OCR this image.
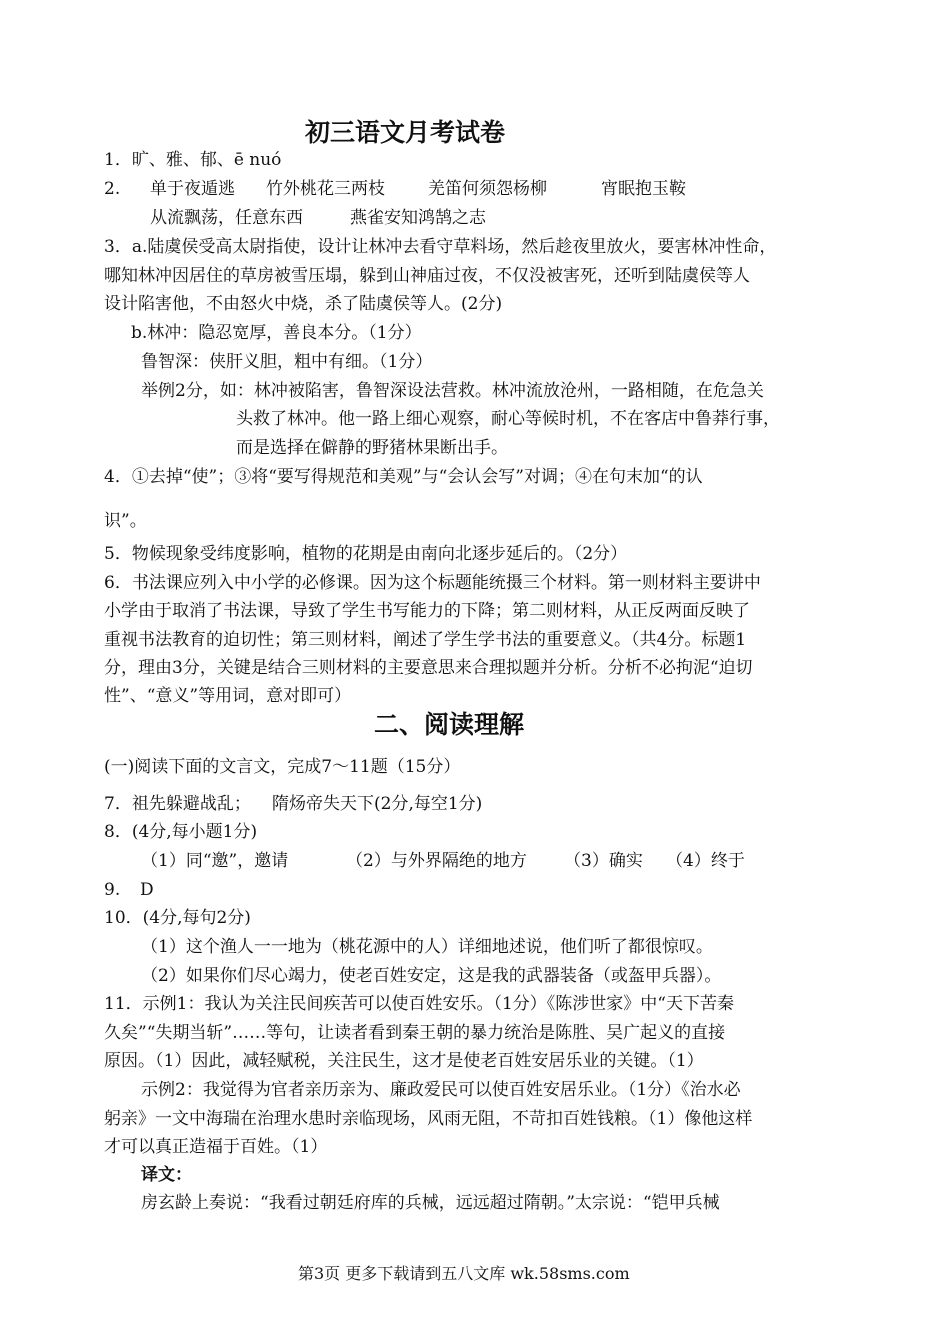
初三语文月考试卷
1．旷、雅、郁、ē nuó
2. 单于夜遁逃 竹外桃花三两枝	羌笛何须怨杨柳	宵眠抱玉鞍
从流飘荡，任意东西	燕雀安知鸿鹄之志
3．a.陆虞侯受高太尉指使，设计让林冲去看守草料场，然后趁夜里放火，要害林冲性命，
哪知林冲因居住的草房被雪压塌，躲到山神庙过夜，不仅没被害死，还听到陆虞侯等人
设计陷害他，不由怒火中烧，杀了陆虞侯等人。(2分)
b.林冲：隐忍宽厚，善良本分。（1分）
鲁智深：侠肝义胆，粗中有细。（1分）
举例2分，如：林冲被陷害，鲁智深设法营救。林冲流放沧州，一路相随，在危急关
头救了林冲。他一路上细心观察，耐心等候时机，不在客店中鲁莽行事，
而是选择在僻静的野猪林果断出手。
4．①去掉“使”；③将“要写得规范和美观”与“会认会写”对调；④在句末加“的认
识”。
5．物候现象受纬度影响，植物的花期是由南向北逐步延后的。（2分）
6．书法课应列入中小学的必修课。因为这个标题能统摄三个材料。第一则材料主要讲中
小学由于取消了书法课，导致了学生书写能力的下降；第二则材料，从正反两面反映了
重视书法教育的迫切性；第三则材料，阐述了学生学书法的重要意义。（共4分。标题1
分，理由3分，关键是结合三则材料的主要意思来合理拟题并分析。分析不必拘泥“迫切
性”、“意义”等用词，意对即可）
二、阅读理解
(一)阅读下面的文言文，完成7～11题（15分）
7．祖先躲避战乱； 隋炀帝失天下(2分,每空1分)
8．(4分,每小题1分)
（1）同“邀”，邀请	（2）与外界隔绝的地方 （3）确实 （4）终于
9. D
10．(4分,每句2分)
（1）这个渔人一一地为（桃花源中的人）详细地述说，他们听了都很惊叹。
（2）如果你们尽心竭力，使老百姓安定，这是我的武器装备（或盔甲兵器）。
11．示例1：我认为关注民间疾苦可以使百姓安乐。（1分）《陈涉世家》中“天下苦秦
久矣”“失期当斩”……等句，让读者看到秦王朝的暴力统治是陈胜、吴广起义的直接
原因。（1）因此，减轻赋税，关注民生，这才是使老百姓安居乐业的关键。（1）
示例2：我觉得为官者亲历亲为、廉政爱民可以使百姓安居乐业。（1分）《治水必
躬亲》一文中海瑞在治理水患时亲临现场，风雨无阻，不苛扣百姓钱粮。（1）像他这样
才可以真正造福于百姓。（1）
译文：
房玄龄上奏说：“我看过朝廷府库的兵械，远远超过隋朝。”太宗说：“铠甲兵械
第3页 更多下载请到五八文库 wk.58sms.com
